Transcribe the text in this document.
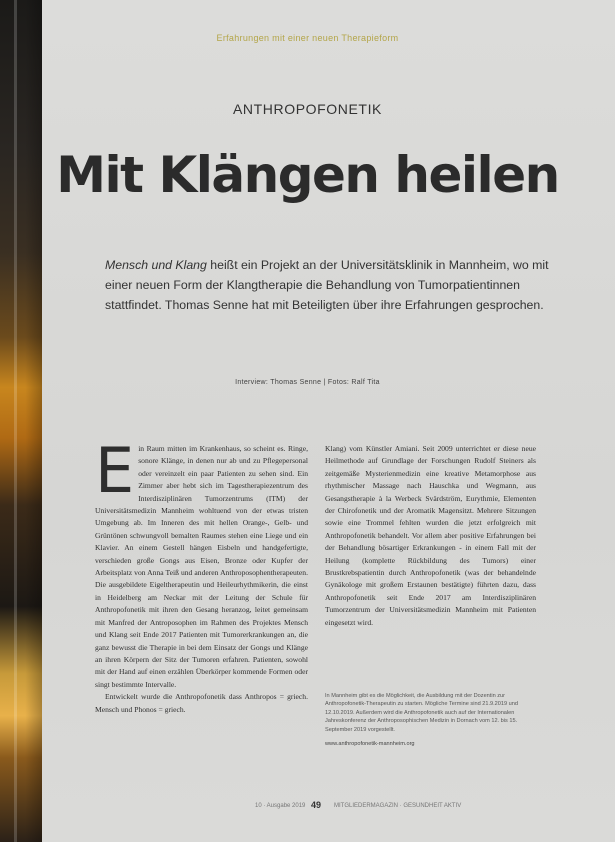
Erfahrungen mit einer neuen Therapieform
ANTHROPOFONETIK
Mit Klängen heilen
Mensch und Klang heißt ein Projekt an der Universitätsklinik in Mannheim, wo mit einer neuen Form der Klangtherapie die Behandlung von Tumorpatientinnen stattfindet. Thomas Senne hat mit Beteiligten über ihre Erfahrungen gesprochen.
Interview: Thomas Senne | Fotos: Ralf Tita

Ein Raum mitten im Krankenhaus, so scheint es. Ringe, sonore Klänge, in denen nur ab und zu Pflegepersonal oder vereinzelt ein paar Patienten zu sehen sind. Ein Zimmer aber hebt sich im Tagestherapiezentrum des Interdisziplinären Tumorzentrums (ITM) der Universitätsmedizin Mannheim wohltuend von der etwas tristen Umgebung ab. Im Inneren des mit hellen Orange-, Gelb- und Grüntönen schwungvoll bemalten Raumes stehen eine Liege und ein Klavier. An einem Gestell hängen Eisbeln und handgefertigte, verschieden große Gongs aus Eisen, Bronze oder Kupfer der Arbeitsplatz von Anna Teiß und anderen Anthroposophentherapeuten. Die ausgebildete Eigeltherapeutin und Heileurhythmikerin, die einst in Heidelberg am Neckar mit der Leitung der Schule für Anthropofonetik mit ihren den Gesang heranzog, leitet gemeinsam mit Manfred der Antroposophen im Rahmen des Projektes Mensch und Klang seit Ende 2017 Patienten mit Tumorerkrankungen an, die ganz bewusst die Therapie in bei dem Einsatz der Gongs und Klänge an ihren Körpern der Sitz der Tumoren erfahren. Patienten, sowohl mit der Hand auf einen erzählen Überkörper kommende Formen oder singt bestimmte Intervalle.

Entwickelt wurde die Anthropofonetik dass Anthropos = griech. Mensch und Phonos = griech.

Klang) vom Künstler Amiani. Seit 2009 unterrichtet er diese neue Heilmethode auf Grundlage der Forschungen Rudolf Steiners als zeitgemäße Mysterienmedizin eine kreative Metamorphose aus rhythmischer Massage nach Hauschka und Wegmann, aus Gesangstherapie à la Werbeck Svärdström, Eurythmie, Elementen der Chirofonetik und der Aromatik Magensitzt. Mehrere Sitzungen sowie eine Trommel fehlten wurden die jetzt erfolgreich mit Anthropofonetik behandelt. Vor allem aber positive Erfahrungen bei der Behandlung bösartiger Erkrankungen - in einem Fall mit der Heilung (komplette Rückbildung des Tumors) einer Brustkrebspatientin durch Anthropofonetik (was der behandelnde Gynäkologe mit großem Erstaunen bestätigte) führten dazu, dass Anthropofonetik seit Ende 2017 am Interdisziplinären Tumorzentrum der Universitätsmedizin Mannheim mit Patienten eingesetzt wird.

In Mannheim gibt es die Möglichkeit, die Ausbildung mit der Dozentin zur Anthropofonetik-Therapeutin zu starten. Mögliche Termine sind 21.9.2019 und 12.10.2019. Außerdem wird die Anthropofonetik auch auf der Internationalen Jahreskonferenz der Anthroposophischen Medizin in Dornach vom 12. bis 15. September 2019 vorgestellt.
www.anthropofonetik-mannheim.org
10 · Ausgabe 2019 49 MITGLIEDERMAGAZIN · GESUNDHEIT AKTIV
